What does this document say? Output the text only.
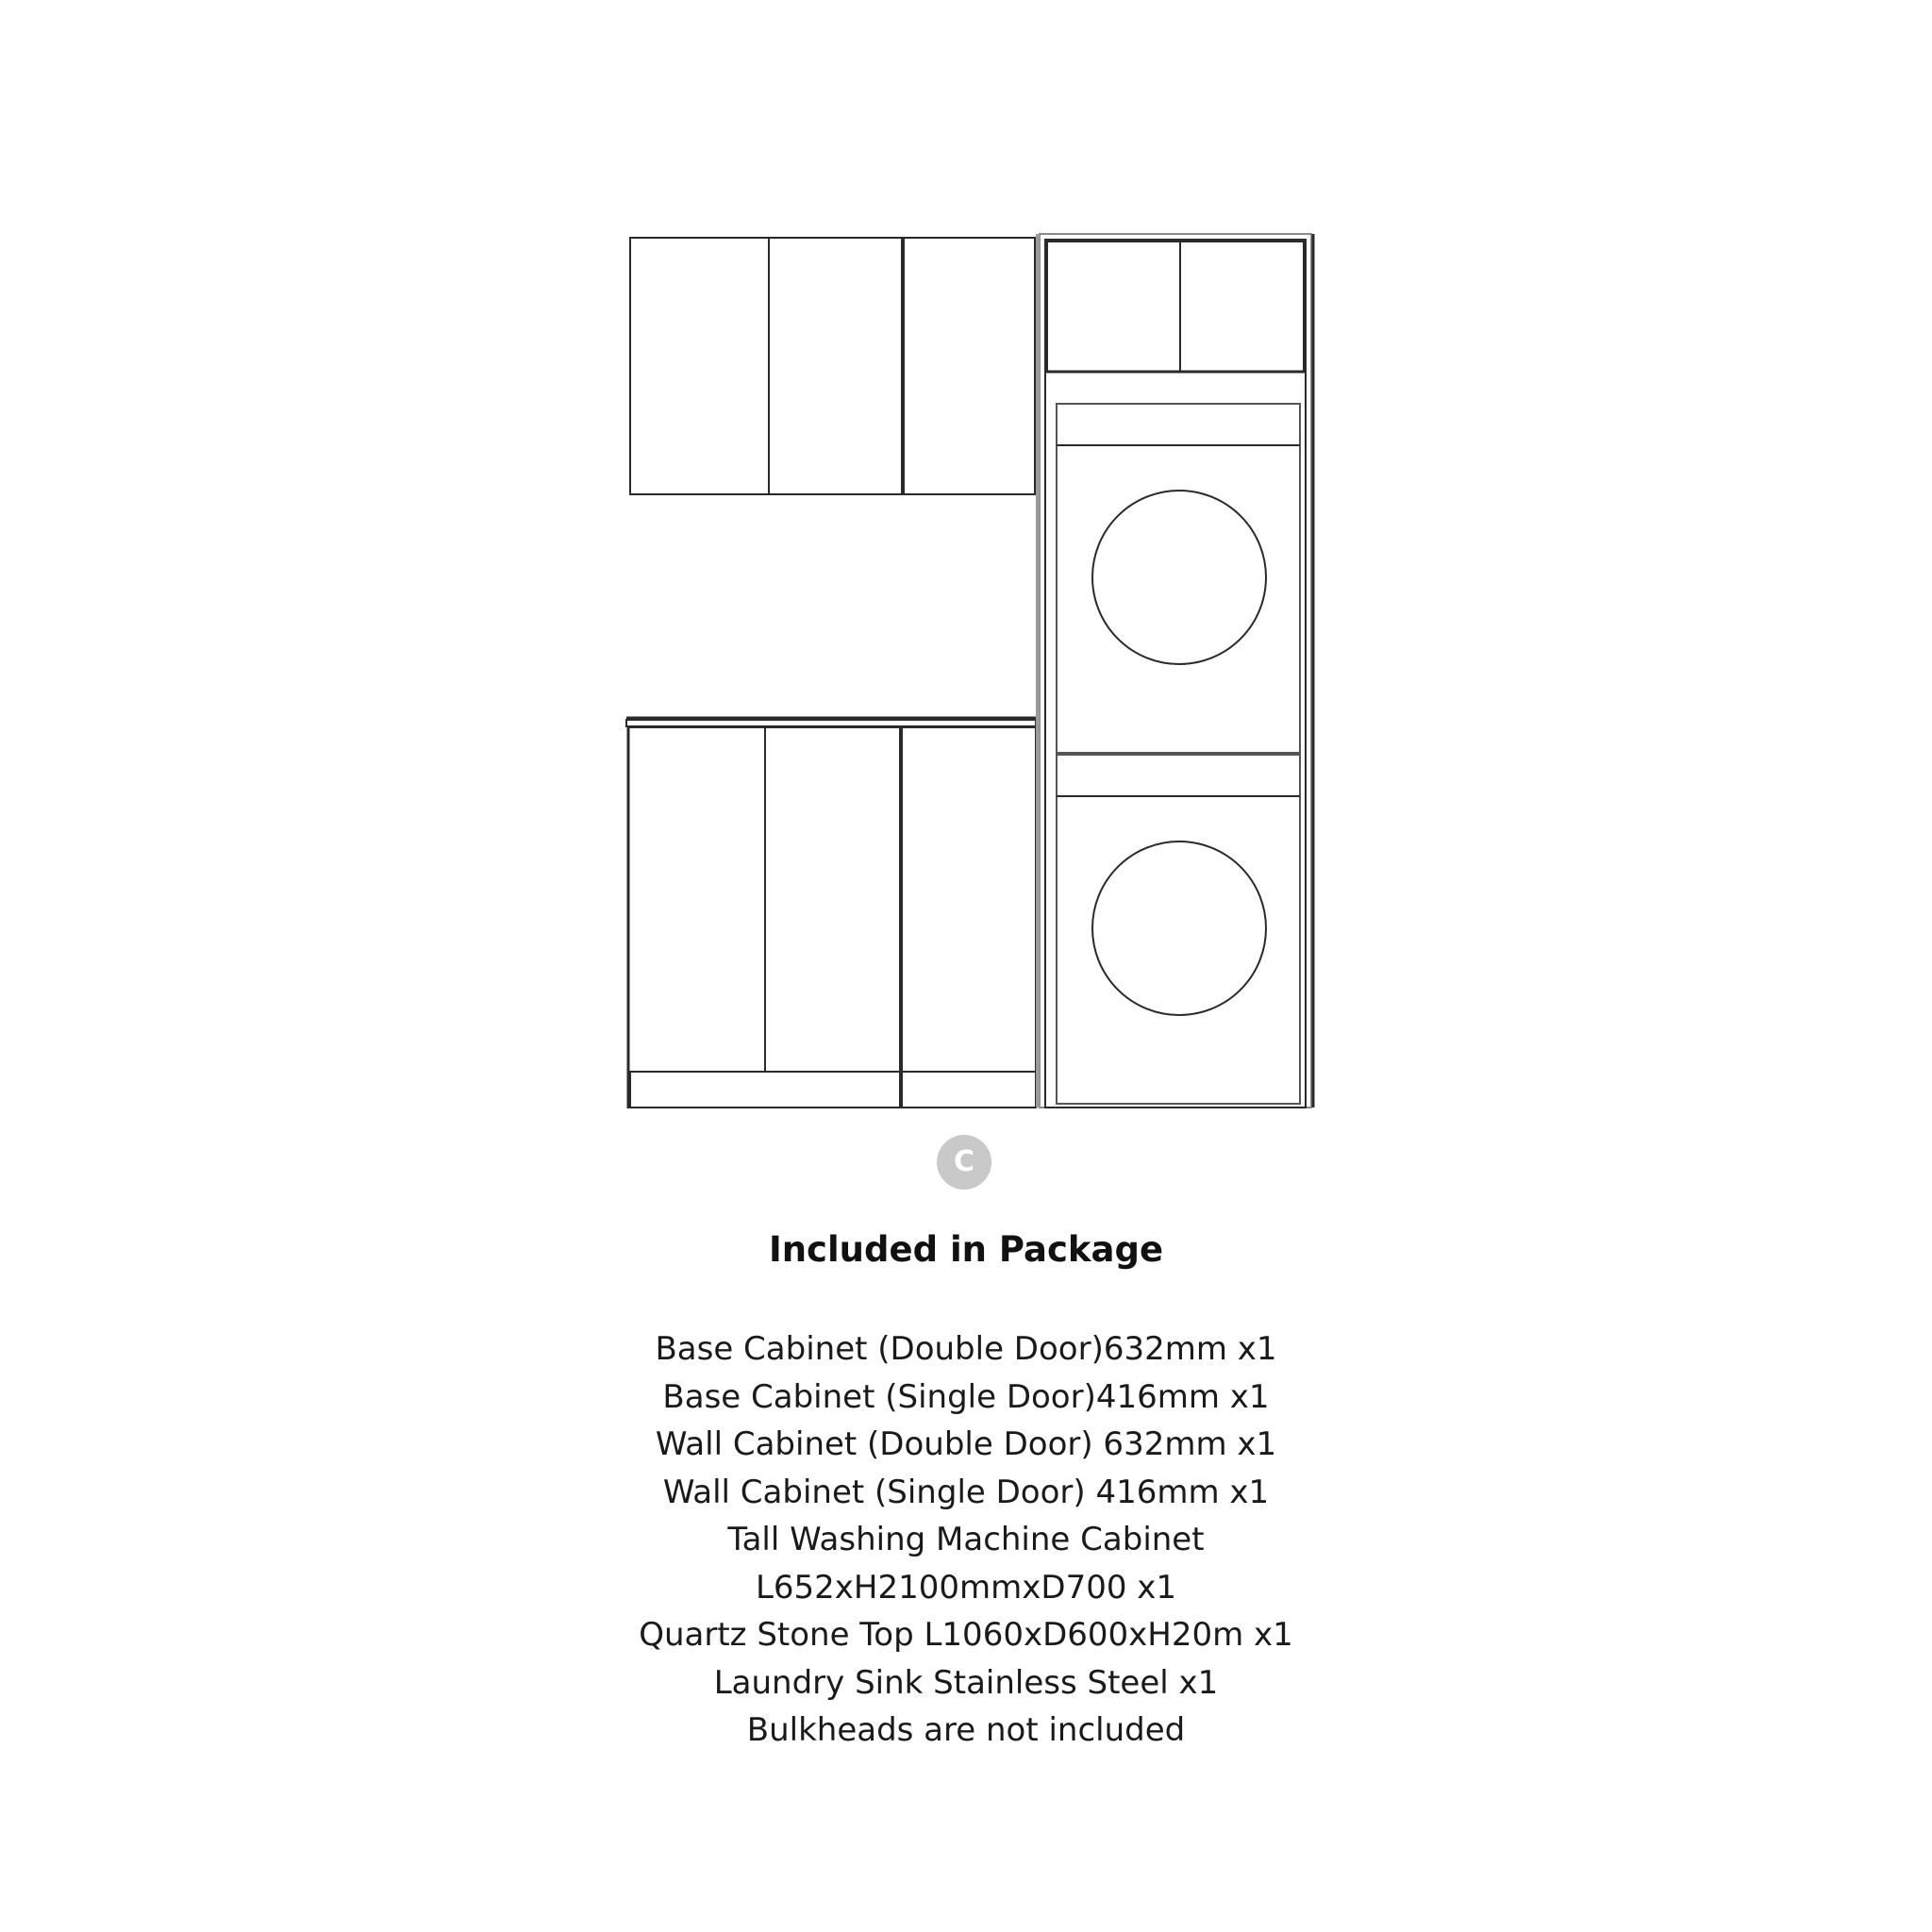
C
Included in Package
Base Cabinet (Double Door)632mm x1
Base Cabinet (Single Door)416mm x1
Wall Cabinet (Double Door) 632mm x1
Wall Cabinet (Single Door) 416mm x1
Tall Washing Machine Cabinet
L652xH2100mmxD700 x1
Quartz Stone Top L1060xD600xH20m x1
Laundry Sink Stainless Steel x1
Bulkheads are not included
